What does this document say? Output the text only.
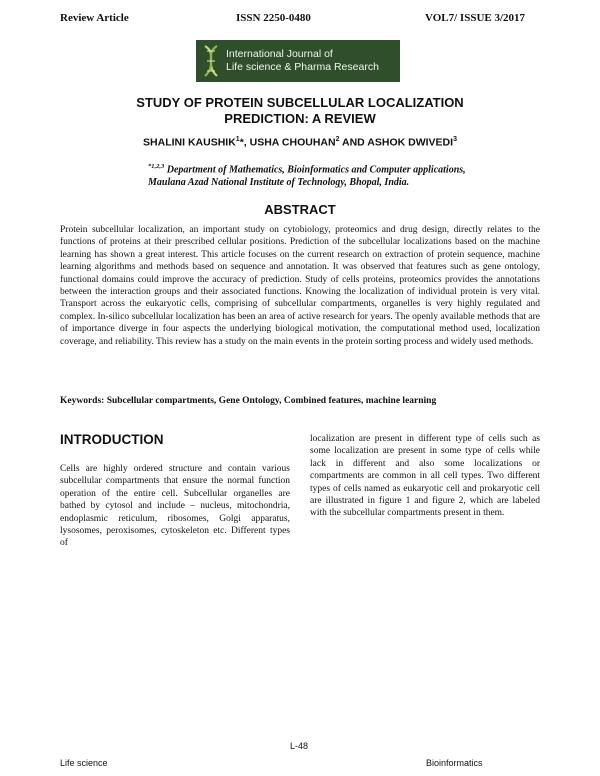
Review Article	ISSN 2250-0480	VOL7/ ISSUE 3/2017
International Journal of
Life science & Pharma Research
STUDY OF PROTEIN SUBCELLULAR LOCALIZATION
PREDICTION: A REVIEW
SHALINI KAUSHIK$^1$*, USHA CHOUHAN$^2$ AND ASHOK DWIVEDI$^3$
$^{*1,2,3}$ Department of Mathematics, Bioinformatics and Computer applications,
Maulana Azad National Institute of Technology, Bhopal, India.
ABSTRACT
Protein subcellular localization, an important study on cytobiology, proteomics and drug design, directly relates to the functions of proteins at their prescribed cellular positions. Prediction of the subcellular localizations based on the machine learning has shown a great interest. This article focuses on the current research on extraction of protein sequence, machine learning algorithms and methods based on sequence and annotation. It was observed that features such as gene ontology, functional domains could improve the accuracy of prediction. Study of cells proteins, proteomics provides the annotations between the interaction groups and their associated functions. Knowing the localization of individual protein is very vital. Transport across the eukaryotic cells, comprising of subcellular compartments, organelles is very highly regulated and complex. In-silico subcellular localization has been an area of active research for years. The openly available methods that are of importance diverge in four aspects the underlying biological motivation, the computational method used, localization coverage, and reliability. This review has a study on the main events in the protein sorting process and widely used methods.
Keywords: Subcellular compartments, Gene Ontology, Combined features, machine learning
INTRODUCTION
Cells are highly ordered structure and contain various subcellular compartments that ensure the normal function operation of the entire cell. Subcellular organelles are bathed by cytosol and include – nucleus, mitochondria, endoplasmic reticulum, ribosomes, Golgi apparatus, lysosomes, peroxisomes, cytoskeleton etc. Different types of
localization are present in different type of cells such as some localization are present in some type of cells while lack in different and also some localizations or compartments are common in all cell types. Two different types of cells named as eukaryotic cell and prokaryotic cell are illustrated in figure 1 and figure 2, which are labeled with the subcellular compartments present in them.
L-48
Life science	Bioinformatics
